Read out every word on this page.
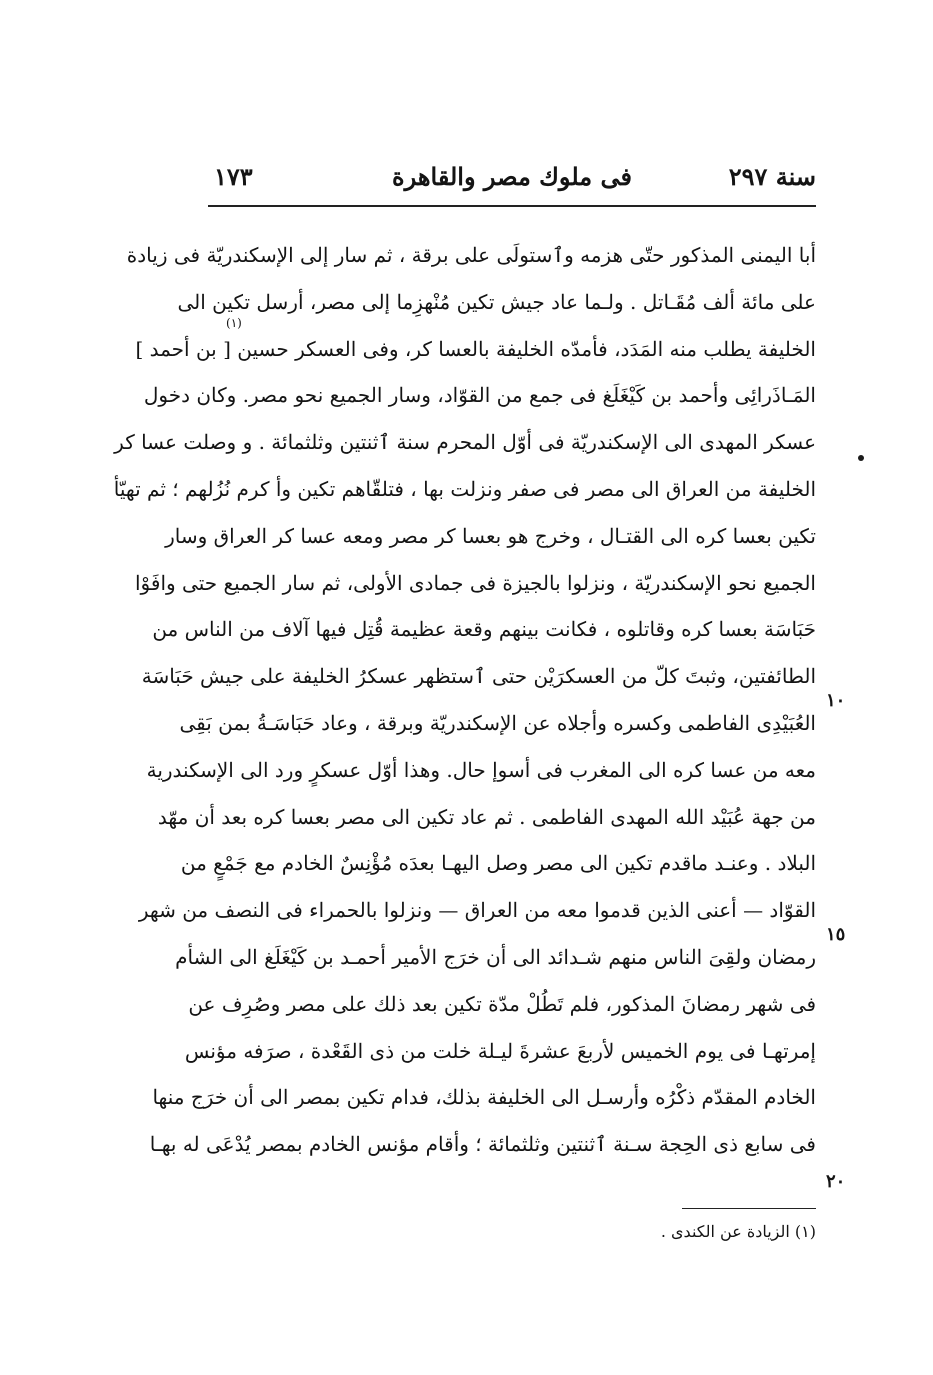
سنة ٢٩٧
فى ملوك مصر والقاهرة
١٧٣
(١)
أبا اليمنى المذكور حتّى هزمه وٱستولَى على برقة ، ثم سار إلى الإسكندريّة فى زيادة
على مائة ألف مُقَـاتل . ولـما عاد جيش تكين مُنْهزِما إلى مصر، أرسل تكين الى
الخليفة يطلب منه المَدَد، فأمدّه الخليفة بالعسا كر، وفى العسكر حسين [ بن أحمد ]
المَـاذَرائِى‌ وأحمد بن كَيْغَلَغ فى جمع من القوّاد، وسار الجميع نحو مصر. وكان دخول
عسكر المهدى‌ الى الإسكندريّة فى أوّل المحرم سنة ٱثنتين وثلثمائة . و وصلت عسا كر
الخليفة من العراق الى مصر فى صفر ونزلت بها ، فتلقّاهم تكين وأ كرم نُزُلهم ؛ ثم تهيّأ
تكين بعسا كره الى القتـال ، وخرج هو بعسا كر مصر ومعه عسا كر العراق وسار
الجميع نحو الإسكندريّة ، ونزلوا بالجيزة فى جمادى الأولى، ثم سار الجميع حتى وافَوْا
حَبَاسَة بعسا كره وقاتلوه ، فكانت بينهم وقعة عظيمة قُتِل فيها آلاف من الناس من
الطائفتين، وثبتَ كلّ من العسكرَيْن حتى ٱستظهر عسكرُ الخليفة على جيش حَبَاسَة
العُبَيْدِى‌ الفاطمى‌ وكسره وأجلاه عن الإسكندريّة وبرقة ، وعاد حَبَاسَـةُ بمن بَقِى
معه من عسا كره الى المغرب فى أسوإ حال. وهذا أوّل عسكرٍ ورد الى الإسكندرية
من جهة عُبَيْد الله المهدى‌ الفاطمى‌ . ثم عاد تكين الى مصر بعسا كره بعد أن مهّد
البلاد . وعنـد ماقدم تكين الى مصر وصل اليهـا بعدَه مُؤْنِسٌ الخادم مع جَمْعٍ من
القوّاد — أعنى الذين قدموا معه من العراق — ونزلوا بالحمراء فى النصف من شهر
رمضان ولقِىَ الناس منهم شـدائد الى أن خرَج الأمير أحمـد بن كَيْغَلَغ الى الشأم
فى شهر رمضانَ المذكور، فلم تَطُلْ مدّة تكين بعد ذلك على مصر وصُرِف عن
إمرتهـا فى يوم الخميس لأربعَ عشرةَ ليـلة خلت من ذى القَعْدة ، صرَفه مؤنس
الخادم المقدّم ذكْرُه وأرسـل الى الخليفة بذلك، فدام تكين بمصر الى أن خرَج منها
فى سابع ذى الحِجة سـنة ٱثنتين وثلثمائة ؛ وأقام مؤنس الخادم بمصر يُدْعَى له بهـا
١٠
١٥
٢٠
(١) الزيادة عن الكندى .
